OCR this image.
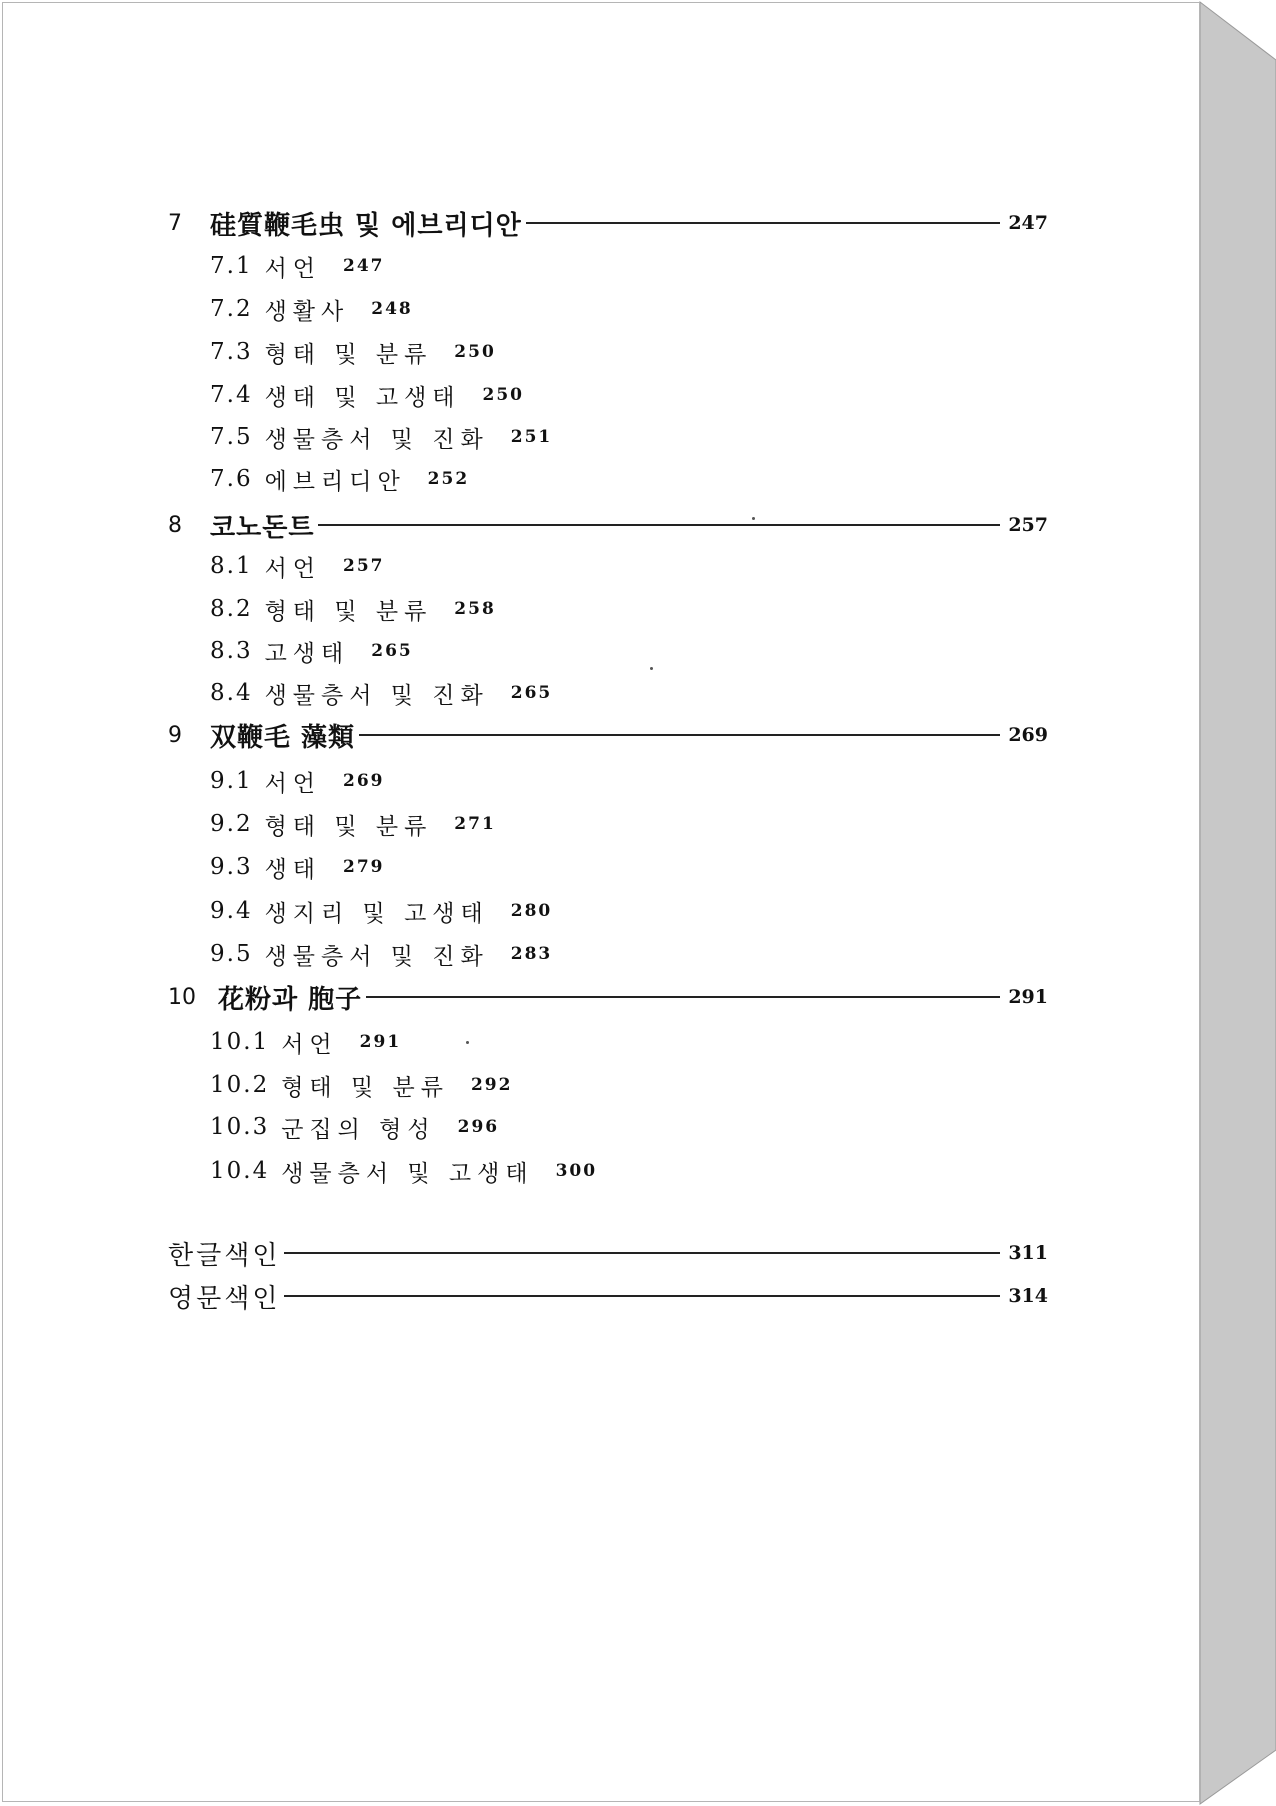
7	硅質鞭毛虫 및 에브리디안	247
7.1 서언 247
7.2 생활사 248
7.3 형태 및 분류 250
7.4 생태 및 고생태 250
7.5 생물층서 및 진화 251
7.6 에브리디안 252
8	코노돈트	257
8.1 서언 257
8.2 형태 및 분류 258
8.3 고생태 265
8.4 생물층서 및 진화 265
9	双鞭毛 藻類	269
9.1 서언 269
9.2 형태 및 분류 271
9.3 생태 279
9.4 생지리 및 고생태 280
9.5 생물층서 및 진화 283
10 花粉과 胞子	291
10.1 서언 291
10.2 형태 및 분류 292
10.3 군집의 형성 296
10.4 생물층서 및 고생태 300
한글색인	311
영문색인	314
